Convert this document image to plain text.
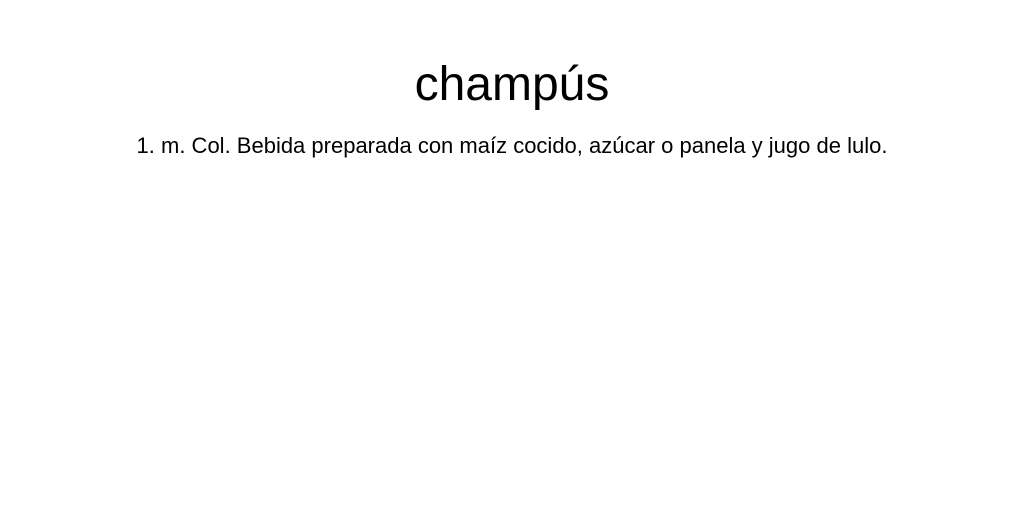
champús

1. m. Col. Bebida preparada con maíz cocido, azúcar o panela y jugo de lulo.
